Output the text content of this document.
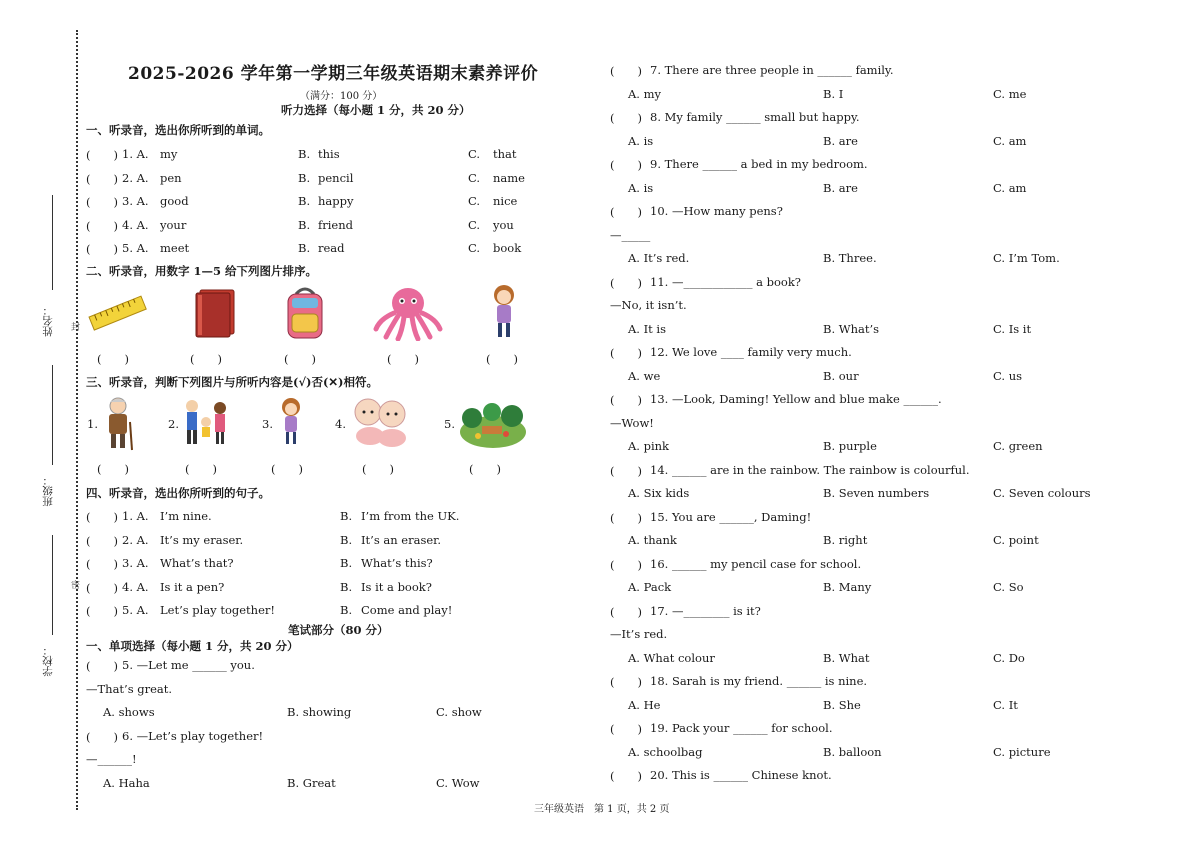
姓名： 封
班级：
密
学校：
2025-2026 学年第一学期三年级英语期末素养评价
（满分：100 分）
听力选择（每小题 1 分，共 20 分）
一、听录音，选出你所听到的单词。
(　　) 1. A. my	B. this	C. that
(　　) 2. A. pen	B. pencil	C. name
(　　) 3. A. good	B. happy	C. nice
(　　) 4. A. your	B. friend	C. you
(　　) 5. A. meet	B. read	C. book
二、听录音，用数字 1—5 给下列图片排序。
(　　)	(　　)	(　　)	(　　)	(　　)
三、听录音，判断下列图片与所听内容是(√)否(✕)相符。
1.	2.	3.	4.	5.
(　　)	(　　)	(　　)	(　　)	(　　)
四、听录音，选出你所听到的句子。
(　　) 1. A. I’m nine.	B. I’m from the UK.
(　　) 2. A. It’s my eraser.	B. It’s an eraser.
(　　) 3. A. What’s that?	B. What’s this?
(　　) 4. A. Is it a pen?	B. Is it a book?
(　　) 5. A. Let’s play together!	B. Come and play!
笔试部分（80 分）
一、单项选择（每小题 1 分，共 20 分）
(　　) 5. —Let me ______ you.
—That’s great.
A. shows	B. showing	C. show
(　　) 6. —Let’s play together!
—______!
A. Haha	B. Great	C. Wow
(　　) 7. There are three people in ______ family.
A. my	B. I	C. me
(　　) 8. My family ______ small but happy.
A. is	B. are	C. am
(　　) 9. There ______ a bed in my bedroom.
A. is	B. are	C. am
(　　) 10. —How many pens?
—_____
A. It’s red.	B. Three.	C. I’m Tom.
(　　) 11. —____________ a book?
—No, it isn’t.
A. It is	B. What’s	C. Is it
(　　) 12. We love ____ family very much.
A. we	B. our	C. us
(　　) 13. —Look, Daming! Yellow and blue make ______.
—Wow!
A. pink	B. purple	C. green
(　　) 14. ______ are in the rainbow. The rainbow is colourful.
A. Six kids	B. Seven numbers	C. Seven colours
(　　) 15. You are ______, Daming!
A. thank	B. right	C. point
(　　) 16. ______ my pencil case for school.
A. Pack	B. Many	C. So
(　　) 17. —________ is it?
—It’s red.
A. What colour	B. What	C. Do
(　　) 18. Sarah is my friend. ______ is nine.
A. He	B. She	C. It
(　　) 19. Pack your ______ for school.
A. schoolbag	B. balloon	C. picture
(　　) 20. This is ______ Chinese knot.
三年级英语　第 1 页，共 2 页
